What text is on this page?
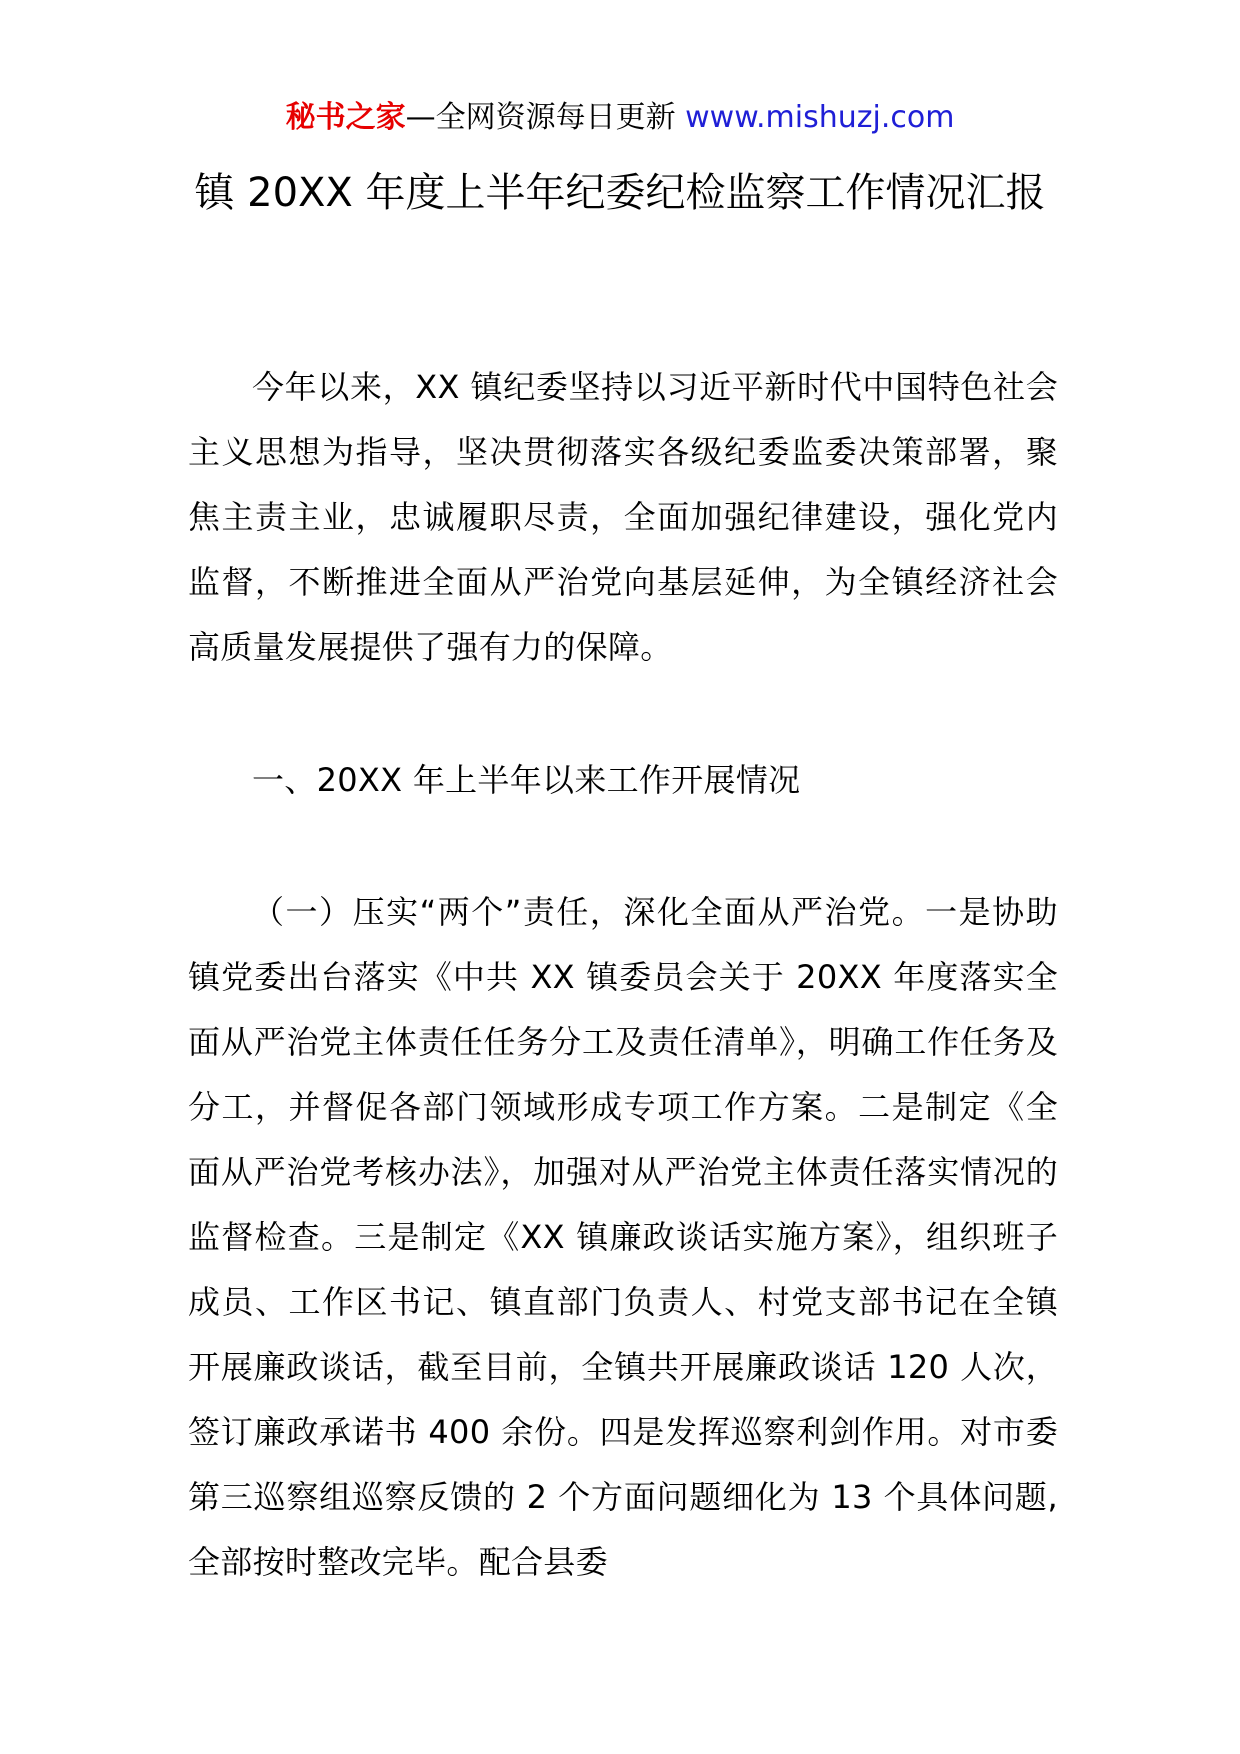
秘书之家—全网资源每日更新 www.mishuzj.com
镇 20XX 年度上半年纪委纪检监察工作情况汇报

今年以来，XX 镇纪委坚持以习近平新时代中国特色社会主义思想为指导，坚决贯彻落实各级纪委监委决策部署，聚焦主责主业，忠诚履职尽责，全面加强纪律建设，强化党内监督，不断推进全面从严治党向基层延伸，为全镇经济社会高质量发展提供了强有力的保障。

一、20XX 年上半年以来工作开展情况

（一）压实“两个”责任，深化全面从严治党。一是协助镇党委出台落实《中共 XX 镇委员会关于 20XX 年度落实全面从严治党主体责任任务分工及责任清单》，明确工作任务及分工，并督促各部门领域形成专项工作方案。二是制定《全面从严治党考核办法》，加强对从严治党主体责任落实情况的监督检查。三是制定《XX 镇廉政谈话实施方案》，组织班子成员、工作区书记、镇直部门负责人、村党支部书记在全镇开展廉政谈话，截至目前，全镇共开展廉政谈话 120 人次，签订廉政承诺书 400 余份。四是发挥巡察利剑作用。对市委第三巡察组巡察反馈的 2 个方面问题细化为 13 个具体问题,全部按时整改完毕。配合县委
